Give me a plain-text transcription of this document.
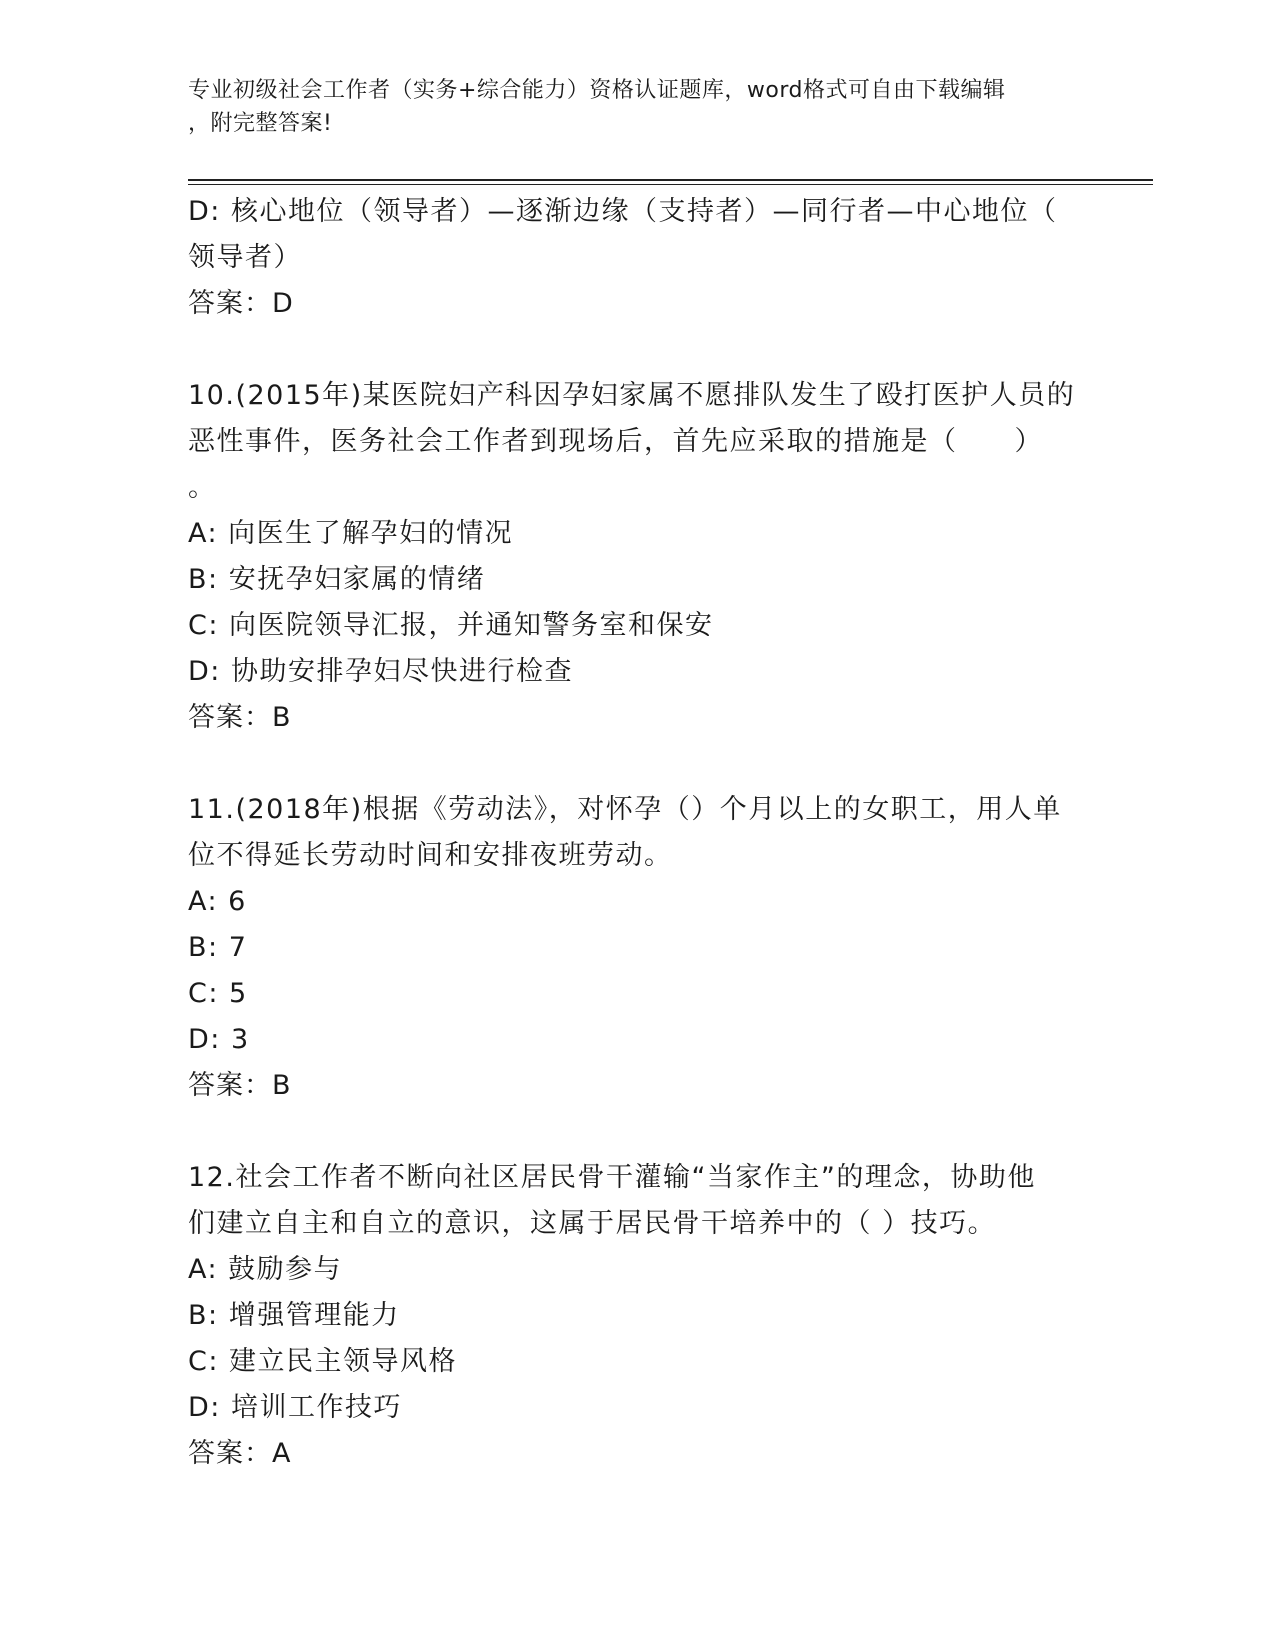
专业初级社会工作者（实务+综合能力）资格认证题库，word格式可自由下载编辑
，附完整答案!
D: 核心地位（领导者）—逐渐边缘（支持者）—同行者—中心地位（
领导者）
答案：D
10.(2015年)某医院妇产科因孕妇家属不愿排队发生了殴打医护人员的
恶性事件，医务社会工作者到现场后，首先应采取的措施是（　　）
。
A: 向医生了解孕妇的情况
B: 安抚孕妇家属的情绪
C: 向医院领导汇报，并通知警务室和保安
D: 协助安排孕妇尽快进行检查
答案：B
11.(2018年)根据《劳动法》，对怀孕（）个月以上的女职工，用人单
位不得延长劳动时间和安排夜班劳动。
A: 6
B: 7
C: 5
D: 3
答案：B
12.社会工作者不断向社区居民骨干灌输“当家作主”的理念，协助他
们建立自主和自立的意识，这属于居民骨干培养中的（ ）技巧。
A: 鼓励参与
B: 增强管理能力
C: 建立民主领导风格
D: 培训工作技巧
答案：A
